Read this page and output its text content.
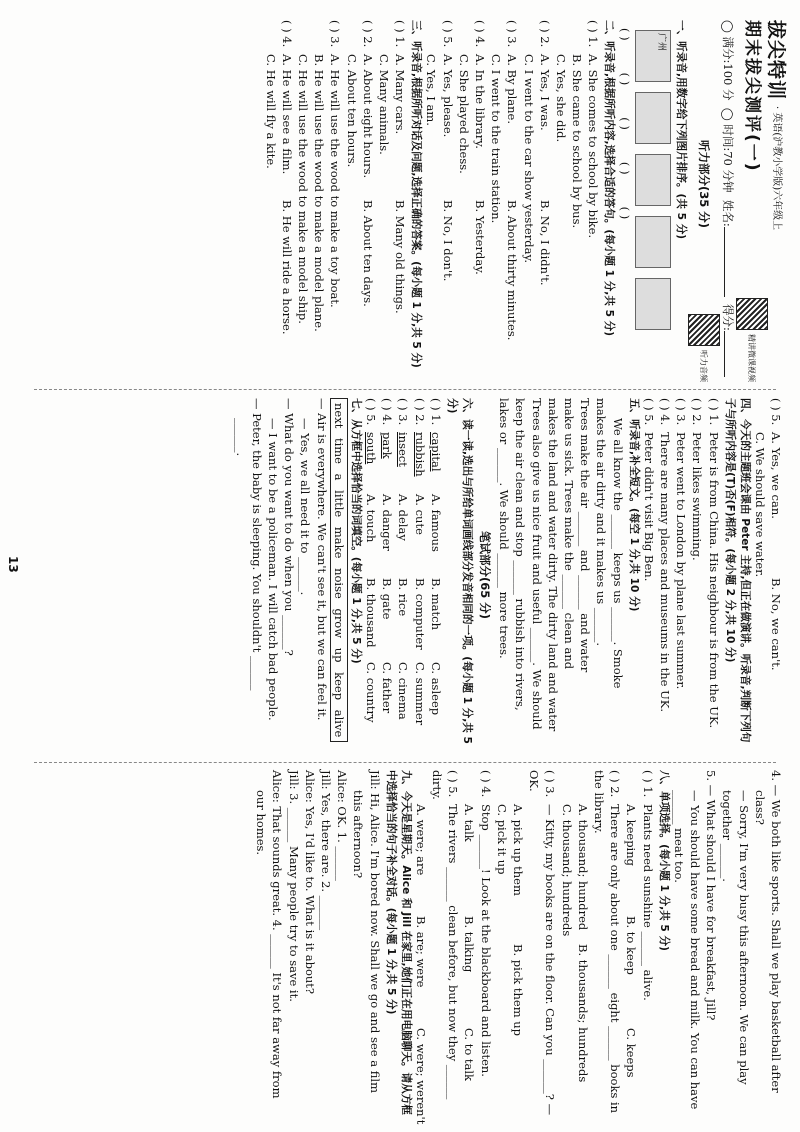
拔尖特训
· 英语(沪教小学版)六年级上
期末拔尖测评(一)
精讲微课视频
◯ 满分:100 分  ◯ 时间:70 分钟  姓名:  得分:
听力部分(35 分)
听力音频
一、听录音,用数字给下列图片排序。(共 5 分)
广州
( )
( )
( )
( )
( )
二、听录音,根据所听内容,选择合适的答句。(每小题 1 分,共 5 分)
( ) 1.A. She comes to school by bike.
B. She came to school by bus.
C. Yes, she did.
( ) 2.A. Yes, I was.B. No, I didn't.
C. I went to the car show yesterday.
( ) 3.A. By plane.B. About thirty minutes.
C. I went to the train station.
( ) 4.A. In the library.B. Yesterday.
C. She played chess.
( ) 5.A. Yes, please.B. No, I don't.
C. Yes, I am.
三、听录音,根据所听对话及问题,选择正确的答案。(每小题 1 分,共 5 分)
( ) 1.A. Many cars.B. Many old things.
C. Many animals.
( ) 2.A. About eight hours.B. About ten days.
C. About ten hours.
( ) 3.A. He will use the wood to make a toy boat.
B. He will use the wood to make a model plane.
C. He will use the wood to make a model ship.
( ) 4.A. He will see a film.B. He will ride a horse.
C. He will fly a kite.
( ) 5.A. Yes, we can.B. No, we can't.
C. We should save water.
四、今天的主题班会课由 Peter 主持,但正在做演讲。听录音,判断下列句子与所听内容是(T)否(F)相符。(每小题 2 分,共 10 分)
( ) 1.Peter is from China. His neighbour is from the UK.
( ) 2.Peter likes swimming.
( ) 3.Peter went to London by plane last summer.
( ) 4.There are many places and museums in the UK.
( ) 5.Peter didn't visit Big Ben.
五、听录音,补全短文。(每空 1 分,共 10 分)
We all know the ______ keeps us ______. Smoke
makes the air dirty and it makes us ______.
Trees make the air ______ and ______ and water
make us sick. Trees make the ______ clean and
makes the land and water dirty. The dirty land and water
Trees also give us nice fruit and useful ______. We should
keep the air clean and stop ______ rubbish into rivers,
lakes or ______. We should ______ more trees.
笔试部分(65 分)
六、读一读,选出与所给单词画线部分发音相同的一项。(每小题 1 分,共 5 分)
( ) 1.capitalA. famousB. matchC. asleep
( ) 2.rubbishA. cuteB. computerC. summer
( ) 3.insectA. delayB. riceC. cinema
( ) 4.parkA. dangerB. gateC. father
( ) 5.southA. touchB. thousandC. country
七、从方框中选择恰当的词填空。(每小题 1 分,共 5 分)
next time a little make noise grow up keep alive
— Air is everywhere. We can't see it, but we can feel it.
— Yes, we all need it to ______.
— What do you want to do when you ______?
— I want to be a policeman. I will catch bad people.
— Peter, the baby is sleeping. You shouldn't ______
______.
4. — We both like sports. Shall we play basketball after
class?
— Sorry, I'm very busy this afternoon. We can play
together ______.
5. — What should I have for breakfast, Jill?
— You should have some bread and milk. You can have
______ meat too.
八、单项选择。(每小题 1 分,共 5 分)
( ) 1.Plants need sunshine ______ alive.
A. keepingB. to keepC. keeps
( ) 2.There are only about one ______ eight ______ books in the library.
A. thousand; hundredB. thousands; hundreds
C. thousand; hundreds
( ) 3.— Kitty, my books are on the floor. Can you ______? — OK.
A. pick up themB. pick them up
C. pick it up
( ) 4.Stop ______! Look at the blackboard and listen.
A. talkB. talkingC. to talk
( ) 5.The rivers ______ clean before, but now they ______ dirty.
A. were; areB. are; wereC. were; weren't
九、今天是星期天。Alice 和 Jill 在家里,她们正在用电脑聊天。请从方框中选择恰当的句子补全对话。(每小题 1 分,共 5 分)
Jill: Hi, Alice. I'm bored now. Shall we go and see a film
this afternoon?
Alice: OK. 1. ______
Jill: Yes, there are. 2. ______
Alice: Yes, I'd like to. What is it about?
Jill: 3. ______ Many people try to save it.
Alice: That sounds great. 4. ______ It's not far away from
our homes.
13
